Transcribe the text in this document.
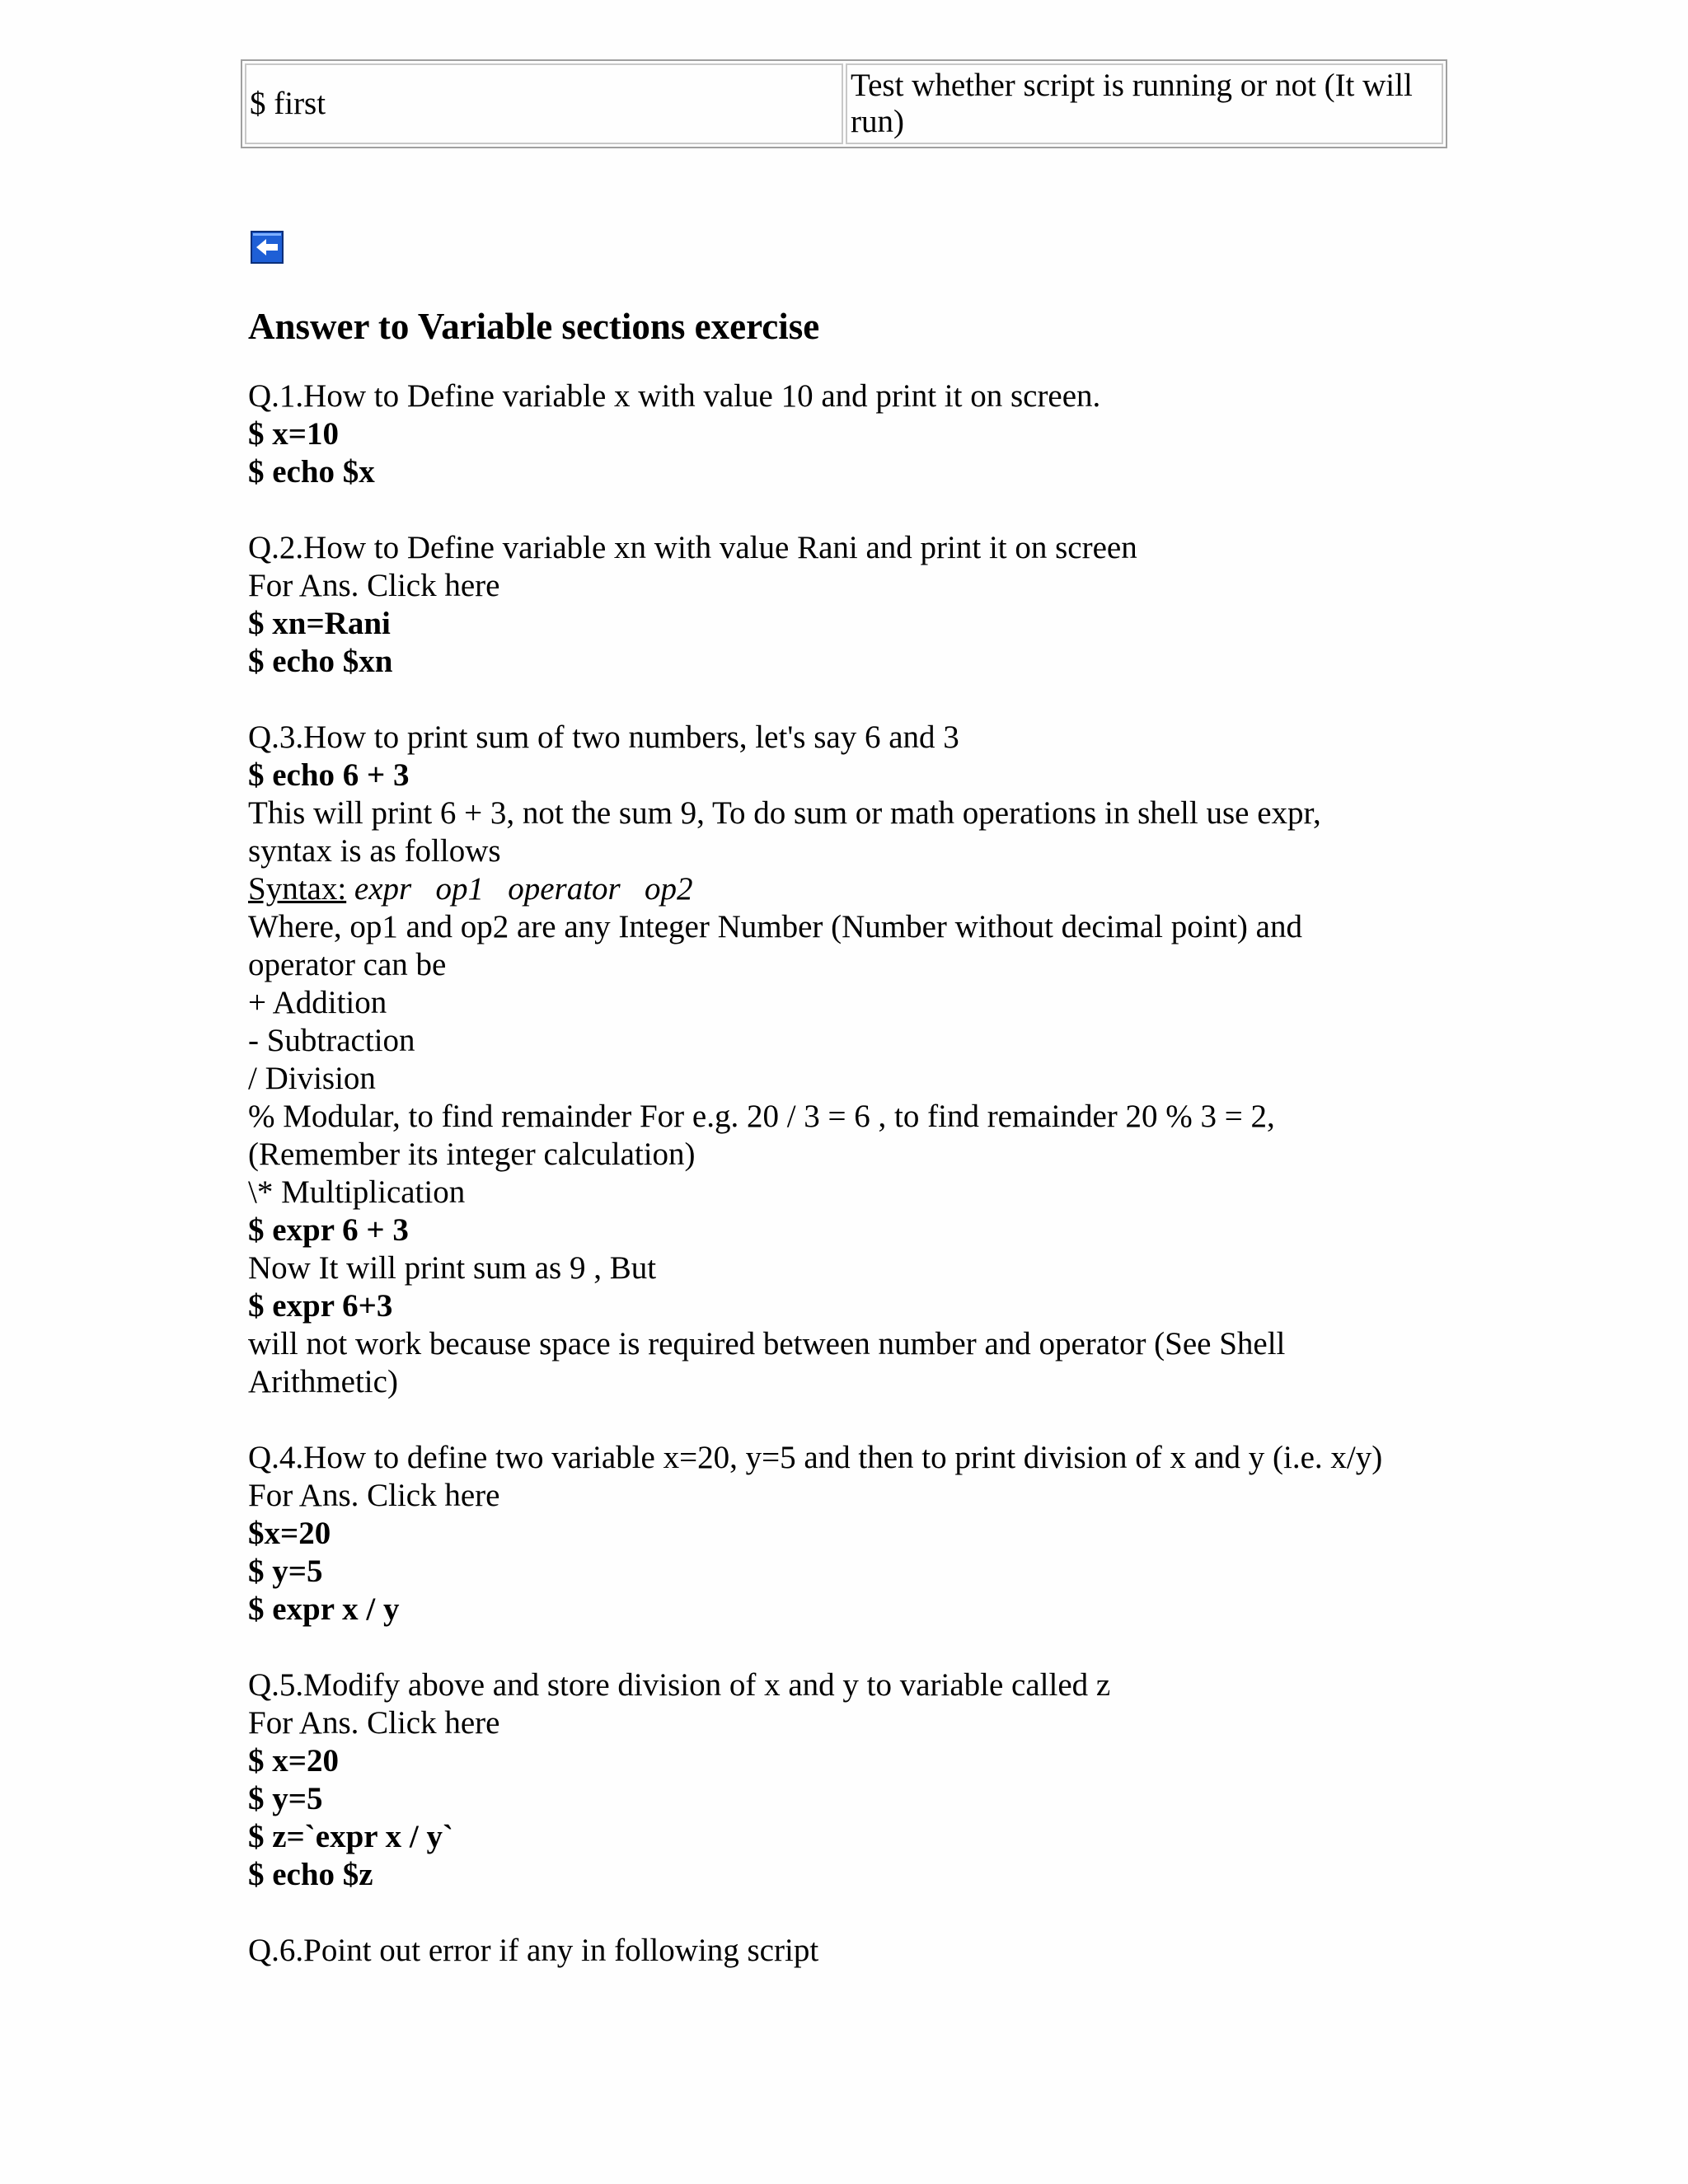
$ first
Test whether script is running or not (It will
run)
Answer to Variable sections exercise
Q.1.How to Define variable x with value 10 and print it on screen.
$ x=10
$ echo $x
Q.2.How to Define variable xn with value Rani and print it on screen
For Ans. Click here
$ xn=Rani
$ echo $xn
Q.3.How to print sum of two numbers, let's say 6 and 3
$ echo 6 + 3
This will print 6 + 3, not the sum 9, To do sum or math operations in shell use expr,
syntax is as follows
Syntax: expr   op1   operator   op2
Where, op1 and op2 are any Integer Number (Number without decimal point) and
operator can be
+ Addition
- Subtraction
/ Division
% Modular, to find remainder For e.g. 20 / 3 = 6 , to find remainder 20 % 3 = 2,
(Remember its integer calculation)
\* Multiplication
$ expr 6 + 3
Now It will print sum as 9 , But
$ expr 6+3
will not work because space is required between number and operator (See Shell
Arithmetic)
Q.4.How to define two variable x=20, y=5 and then to print division of x and y (i.e. x/y)
For Ans. Click here
$x=20
$ y=5
$ expr x / y
Q.5.Modify above and store division of x and y to variable called z
For Ans. Click here
$ x=20
$ y=5
$ z=`expr x / y`
$ echo $z
Q.6.Point out error if any in following script
